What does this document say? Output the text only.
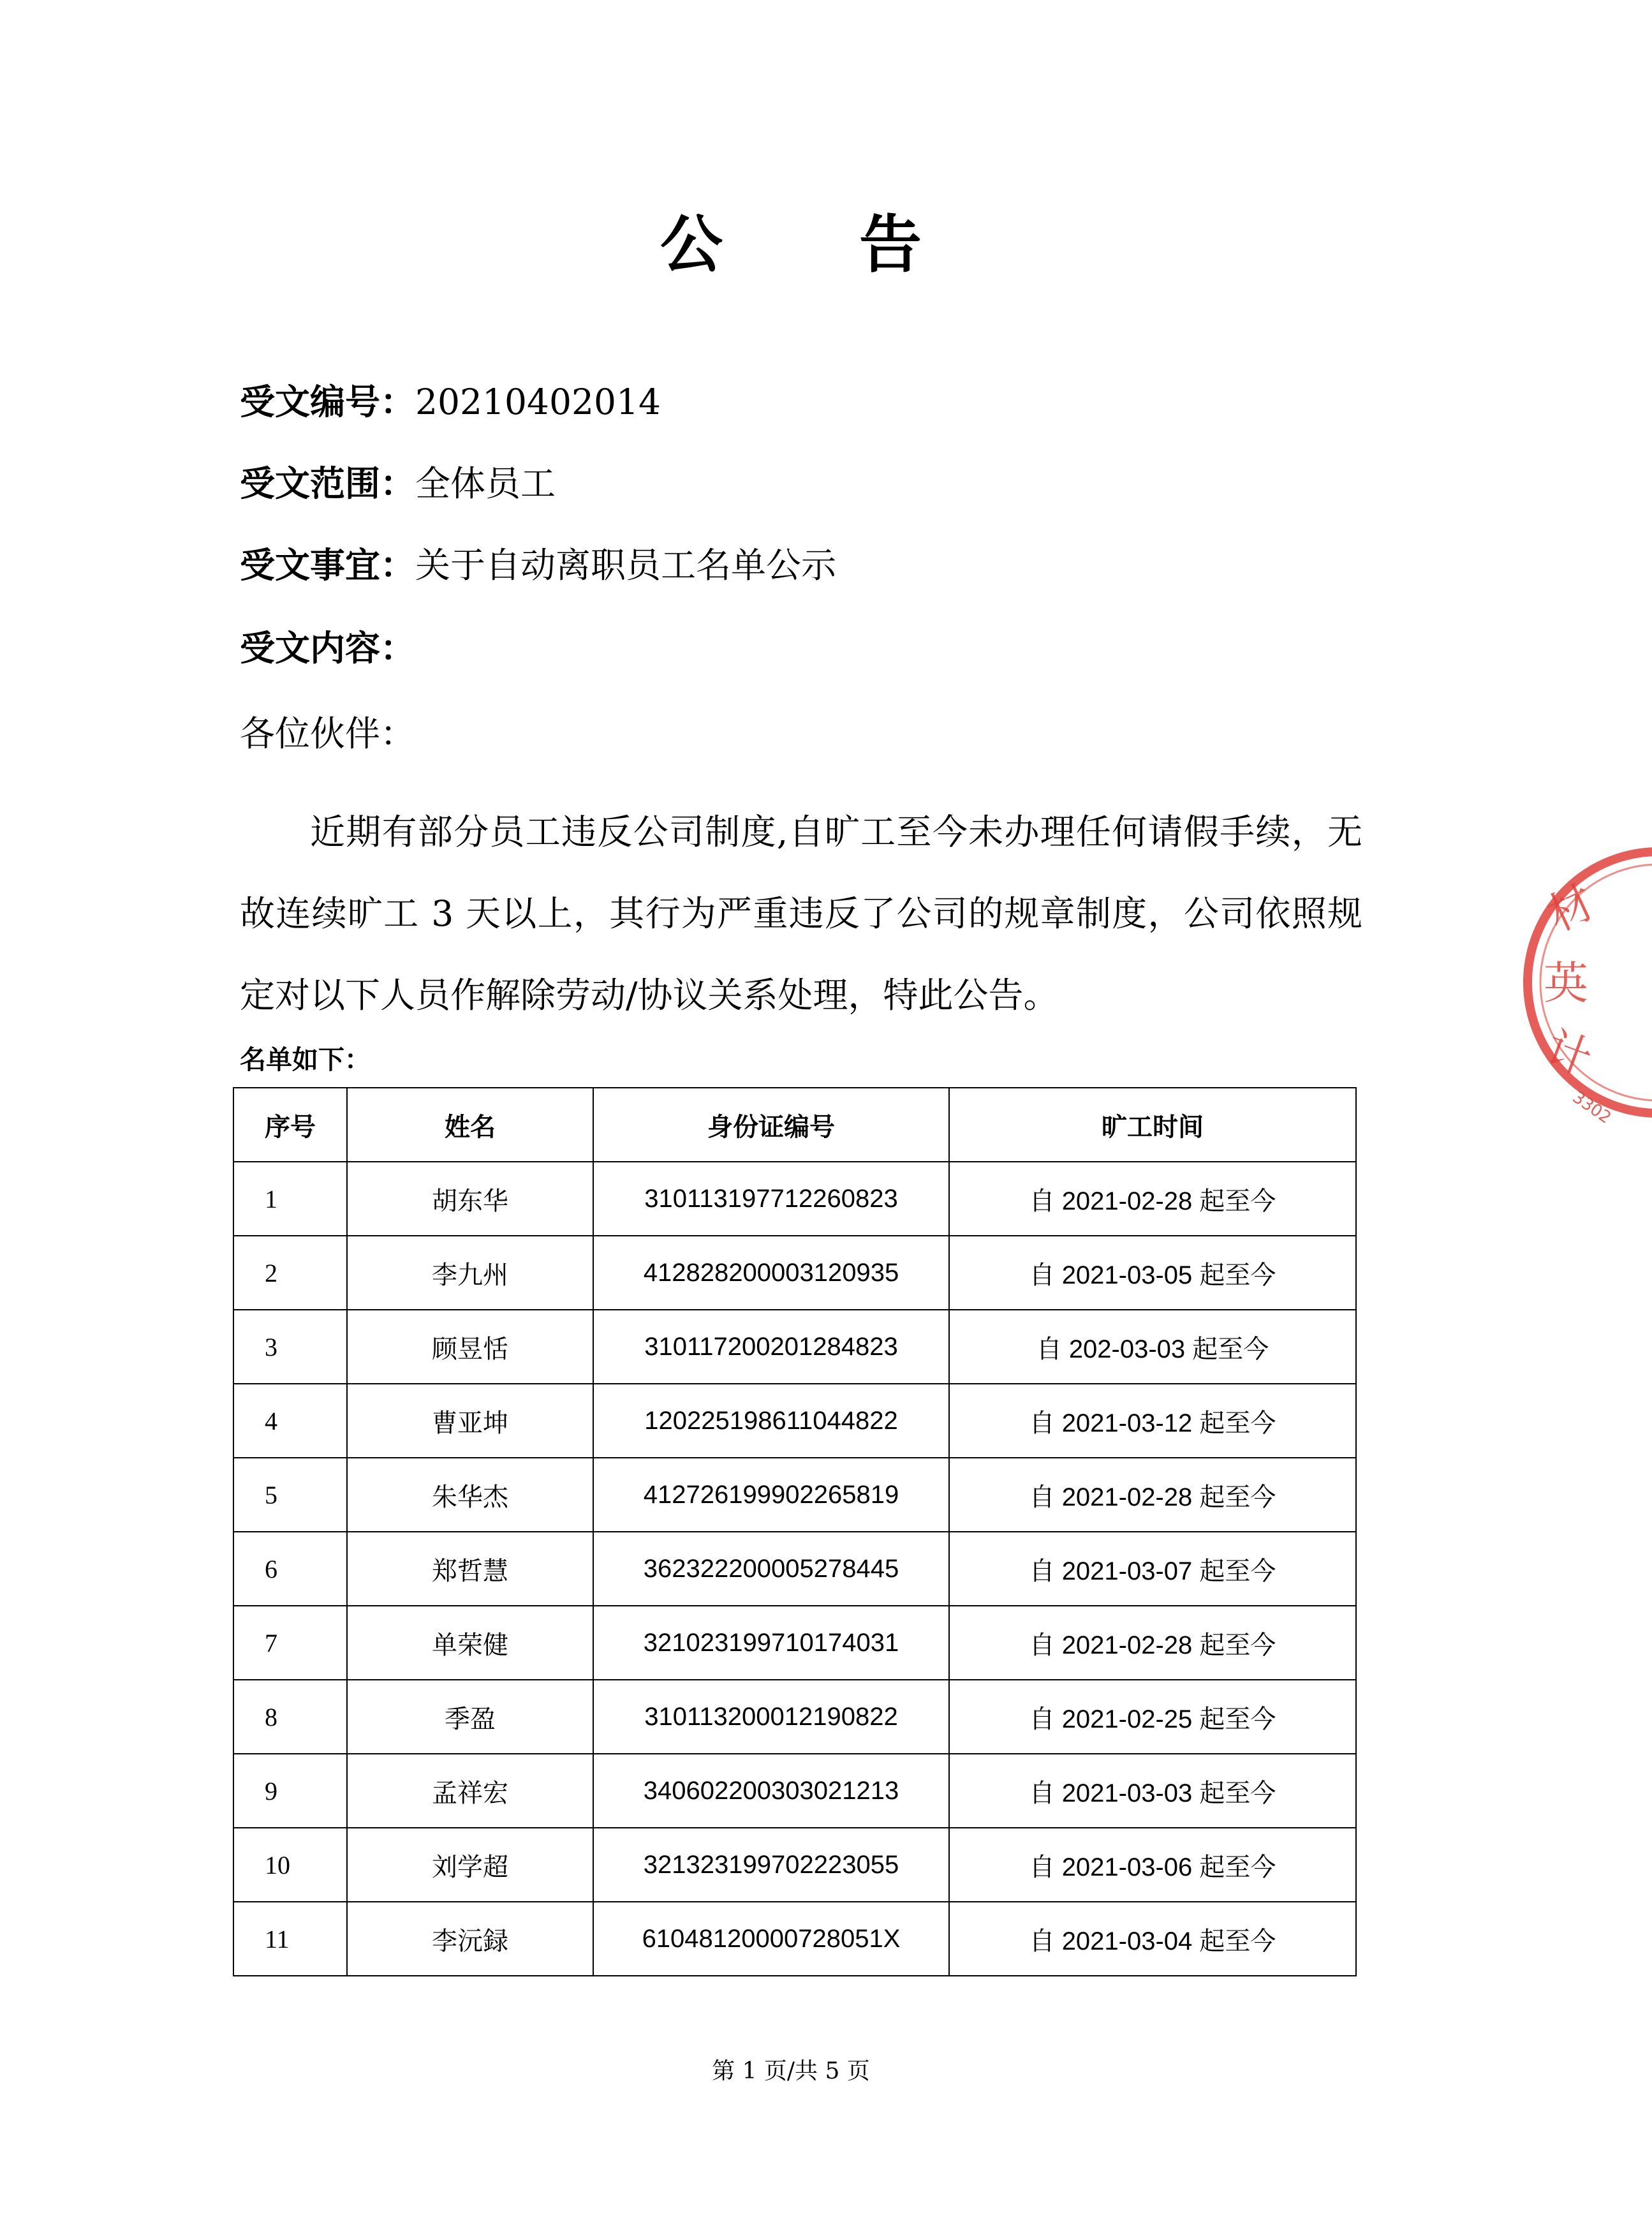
公 告
受文编号：20210402014
受文范围：全体员工
受文事宜：关于自动离职员工名单公示
受文内容：
各位伙伴：
近期有部分员工违反公司制度,自旷工至今未办理任何请假手续，无故连续旷工 3 天以上，其行为严重违反了公司的规章制度，公司依照规定对以下人员作解除劳动/协议关系处理，特此公告。
名单如下：
序号	姓名	身份证编号	旷工时间
1	胡东华	310113197712260823	自 2021-02-28 起至今
2	李九州	412828200003120935	自 2021-03-05 起至今
3	顾昱恬	310117200201284823	自 202-03-03 起至今
4	曹亚坤	120225198611044822	自 2021-03-12 起至今
5	朱华杰	412726199902265819	自 2021-02-28 起至今
6	郑哲慧	362322200005278445	自 2021-03-07 起至今
7	单荣健	321023199710174031	自 2021-02-28 起至今
8	季盈	310113200012190822	自 2021-02-25 起至今
9	孟祥宏	340602200303021213	自 2021-03-03 起至今
10	刘学超	321323199702223055	自 2021-03-06 起至今
11	李沅録	61048120000728051X	自 2021-03-04 起至今
第 1 页/共 5 页
材
英
计
3302
